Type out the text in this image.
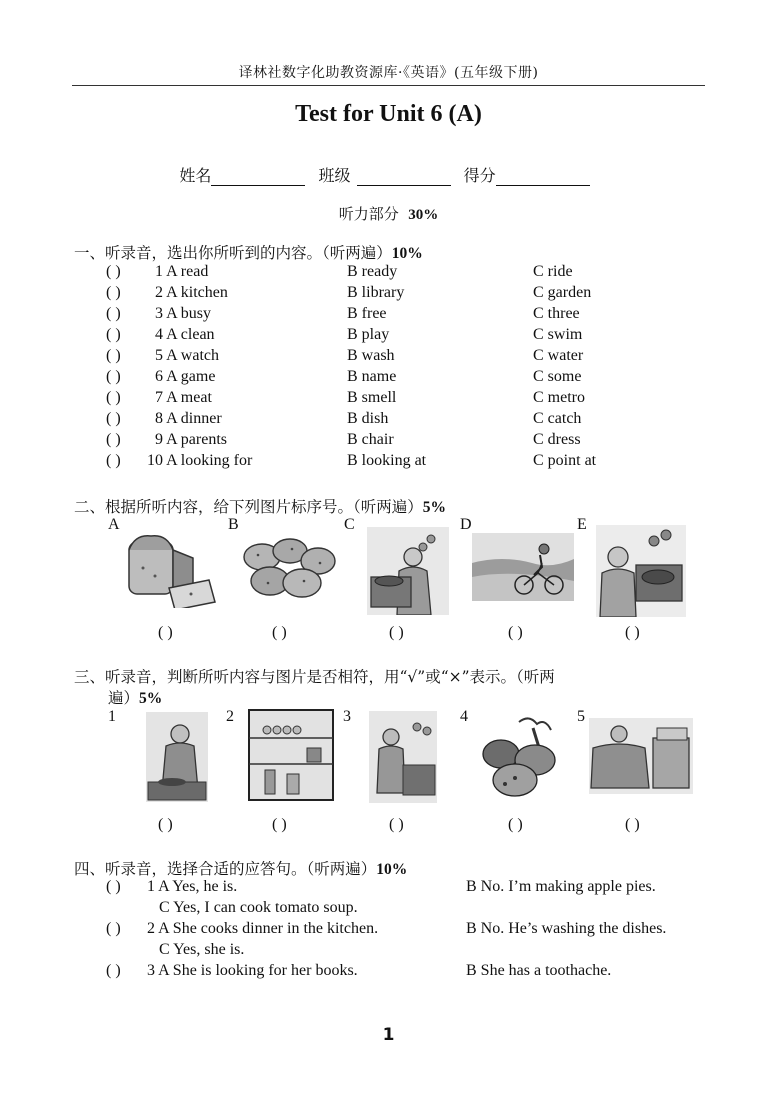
译林社数字化助教资源库·《英语》(五年级下册)
Test for Unit 6 (A)
姓名	班级	得分
听力部分 30%
一、听录音，选出你所听到的内容。（听两遍）10%
( ) 1 A read	B ready	C ride
( ) 2 A kitchen	B library	C garden
( ) 3 A busy	B free	C three
( ) 4 A clean	B play	C swim
( ) 5 A watch	B wash	C water
( ) 6 A game	B name	C some
( ) 7 A meat	B smell	C metro
( ) 8 A dinner	B dish	C catch
( ) 9 A parents	B chair	C dress
( ) 10 A looking for	B looking at	C point at
二、根据所听内容，给下列图片标序号。（听两遍）5%
A	B	C	D	E
( )	( )	( )	( )	( )
三、听录音，判断所听内容与图片是否相符，用“√”或“×”表示。（听两
遍）5%
1	2	3	4	5
( )	( )	( )	( )	( )
四、听录音，选择合适的应答句。（听两遍）10%
( ) 1 A Yes, he is.	B No. I’m making apple pies.
C Yes, I can cook tomato soup.
( ) 2 A She cooks dinner in the kitchen.	B No. He’s washing the dishes.
C Yes, she is.
( ) 3 A She is looking for her books.	B She has a toothache.
1
